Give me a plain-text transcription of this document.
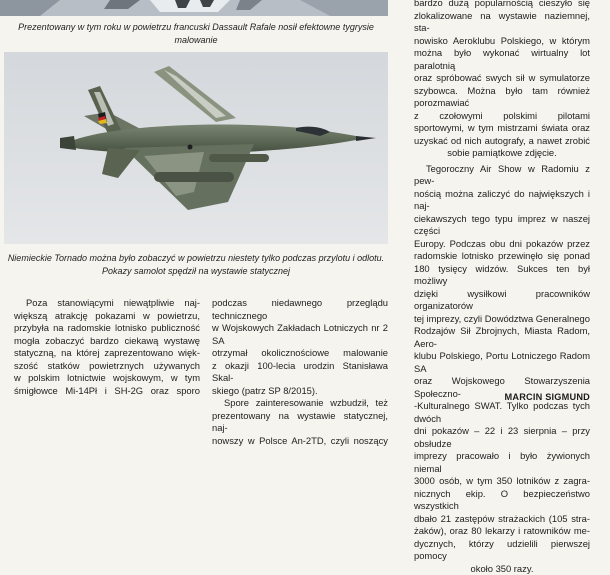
Prezentowany w tym roku w powietrzu francuski Dassault Rafale nosił efektowne tygrysie malowanie
Niemieckie Tornado można było zobaczyć w powietrzu niestety tylko podczas przylotu i odlotu. Pokazy samolot spędził na wystawie statycznej

Poza stanowiącymi niewątpliwie naj-

większą atrakcję pokazami w powietrzu,

przybyła na radomskie lotnisko publiczność

mogła zobaczyć bardzo ciekawą wystawę

statyczną, na której zaprezentowano więk-

szość statków powietrznych używanych

w polskim lotnictwie wojskowym, w tym

śmigłowce Mi-14Pł i SH-2G oraz sporo

podczas niedawnego przeglądu technicznego

w Wojskowych Zakładach Lotniczych nr 2 SA

otrzymał okolicznościowe malowanie

z okazji 100-lecia urodzin Stanisława Skal-

skiego (patrz SP 8/2015).

Spore zainteresowanie wzbudził, też

prezentowany na wystawie statycznej, naj-

nowszy w Polsce An-2TD, czyli noszący

bardzo dużą popularnością cieszyło się

zlokalizowane na wystawie naziemnej, sta-

nowisko Aeroklubu Polskiego, w którym

można było wykonać wirtualny lot paralotnią

oraz spróbować swych sił w symulatorze

szybowca. Można było tam również porozmawiać

z czołowymi polskimi pilotami

sportowymi, w tym mistrzami świata oraz

uzyskać od nich autografy, a nawet zrobić

sobie pamiątkowe zdjęcie.

Tegoroczny Air Show w Radomiu z pew-

nością można zaliczyć do największych i naj-

ciekawszych tego typu imprez w naszej części

Europy. Podczas obu dni pokazów przez

radomskie lotnisko przewinęło się ponad

180 tysięcy widzów. Sukces ten był możliwy

dzięki wysiłkowi pracowników organizatorów

tej imprezy, czyli Dowództwa Generalnego

Rodzajów Sił Zbrojnych, Miasta Radom, Aero-

klubu Polskiego, Portu Lotniczego Radom SA

oraz Wojskowego Stowarzyszenia Społeczno-

-Kulturalnego SWAT. Tylko podczas tych dwóch

dni pokazów – 22 i 23 sierpnia – przy obsłudze

imprezy pracowało i było żywionych niemal

3000 osób, w tym 350 lotników z zagra-

nicznych ekip. O bezpieczeństwo wszystkich

dbało 21 zastępów strażackich (105 stra-

żaków), oraz 80 lekarzy i ratowników me-

dycznych, którzy udzielili pierwszej pomocy

około 350 razy.

MARCIN SIGMUND
